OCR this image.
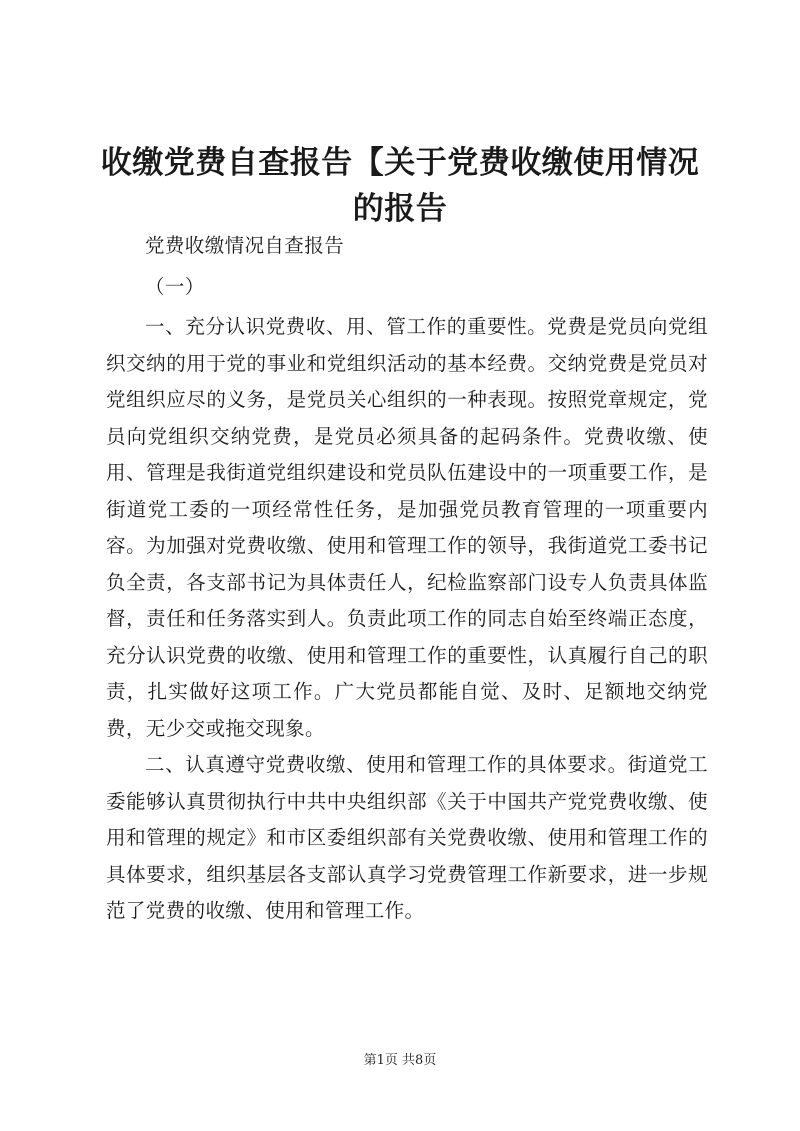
收缴党费自查报告【关于党费收缴使用情况的报告

党费收缴情况自查报告

（一）

一、充分认识党费收、用、管工作的重要性。党费是党员向党组织交纳的用于党的事业和党组织活动的基本经费。交纳党费是党员对党组织应尽的义务，是党员关心组织的一种表现。按照党章规定，党员向党组织交纳党费，是党员必须具备的起码条件。党费收缴、使用、管理是我街道党组织建设和党员队伍建设中的一项重要工作，是街道党工委的一项经常性任务，是加强党员教育管理的一项重要内容。为加强对党费收缴、使用和管理工作的领导，我街道党工委书记负全责，各支部书记为具体责任人，纪检监察部门设专人负责具体监督，责任和任务落实到人。负责此项工作的同志自始至终端正态度，充分认识党费的收缴、使用和管理工作的重要性，认真履行自己的职责，扎实做好这项工作。广大党员都能自觉、及时、足额地交纳党费，无少交或拖交现象。

二、认真遵守党费收缴、使用和管理工作的具体要求。街道党工委能够认真贯彻执行中共中央组织部《关于中国共产党党费收缴、使用和管理的规定》和市区委组织部有关党费收缴、使用和管理工作的具体要求，组织基层各支部认真学习党费管理工作新要求，进一步规范了党费的收缴、使用和管理工作。

第1页 共8页
